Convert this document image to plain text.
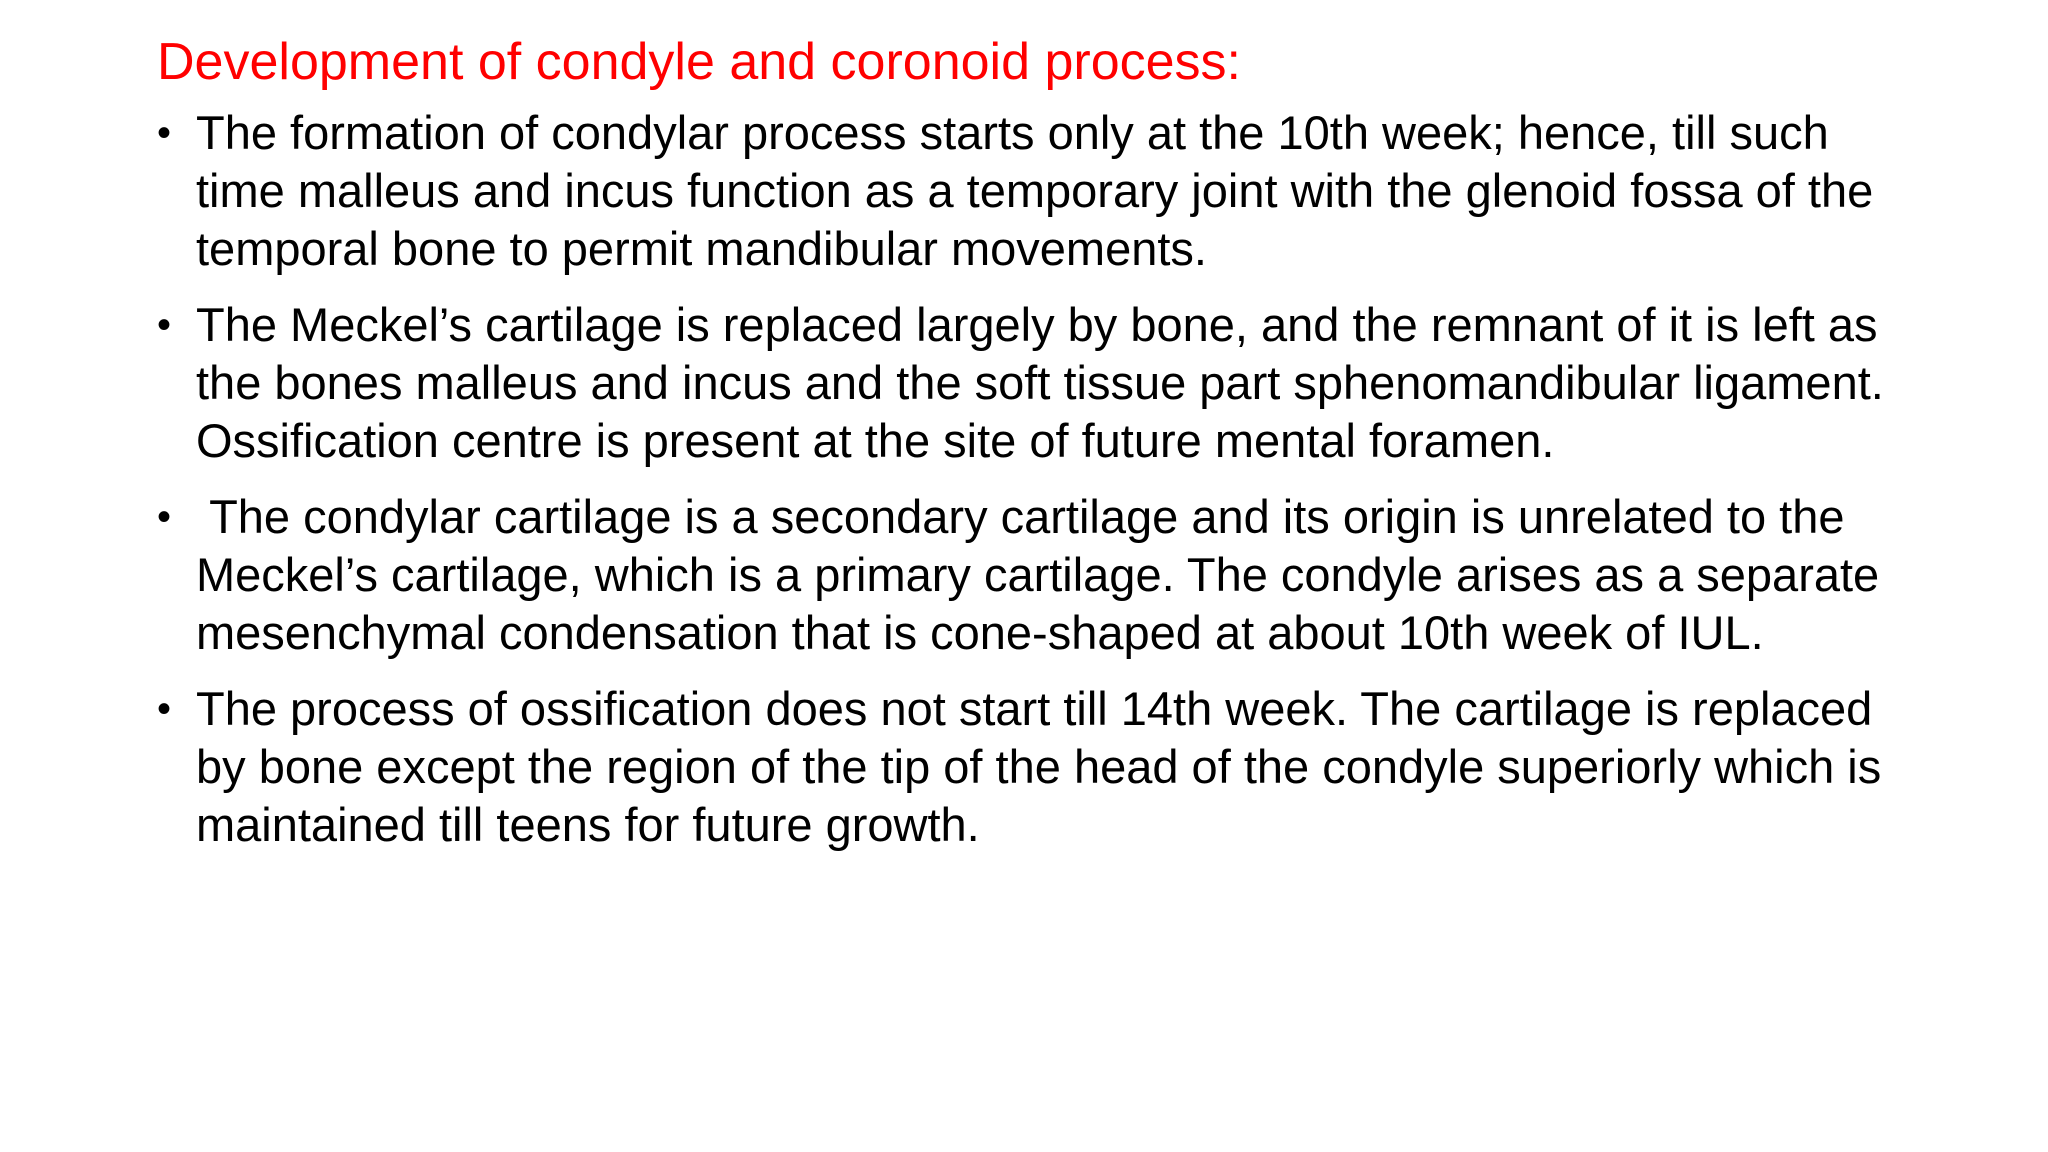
Development of condyle and coronoid process:
• The formation of condylar process starts only at the 10th week; hence, till such time malleus and incus function as a temporary joint with the glenoid fossa of the temporal bone to permit mandibular movements.
• The Meckel’s cartilage is replaced largely by bone, and the remnant of it is left as the bones malleus and incus and the soft tissue part sphenomandibular ligament. Ossification centre is present at the site of future mental foramen.
• The condylar cartilage is a secondary cartilage and its origin is unrelated to the Meckel’s cartilage, which is a primary cartilage. The condyle arises as a separate mesenchymal condensation that is cone-shaped at about 10th week of IUL.
• The process of ossification does not start till 14th week. The cartilage is replaced by bone except the region of the tip of the head of the condyle superiorly which is maintained till teens for future growth.
